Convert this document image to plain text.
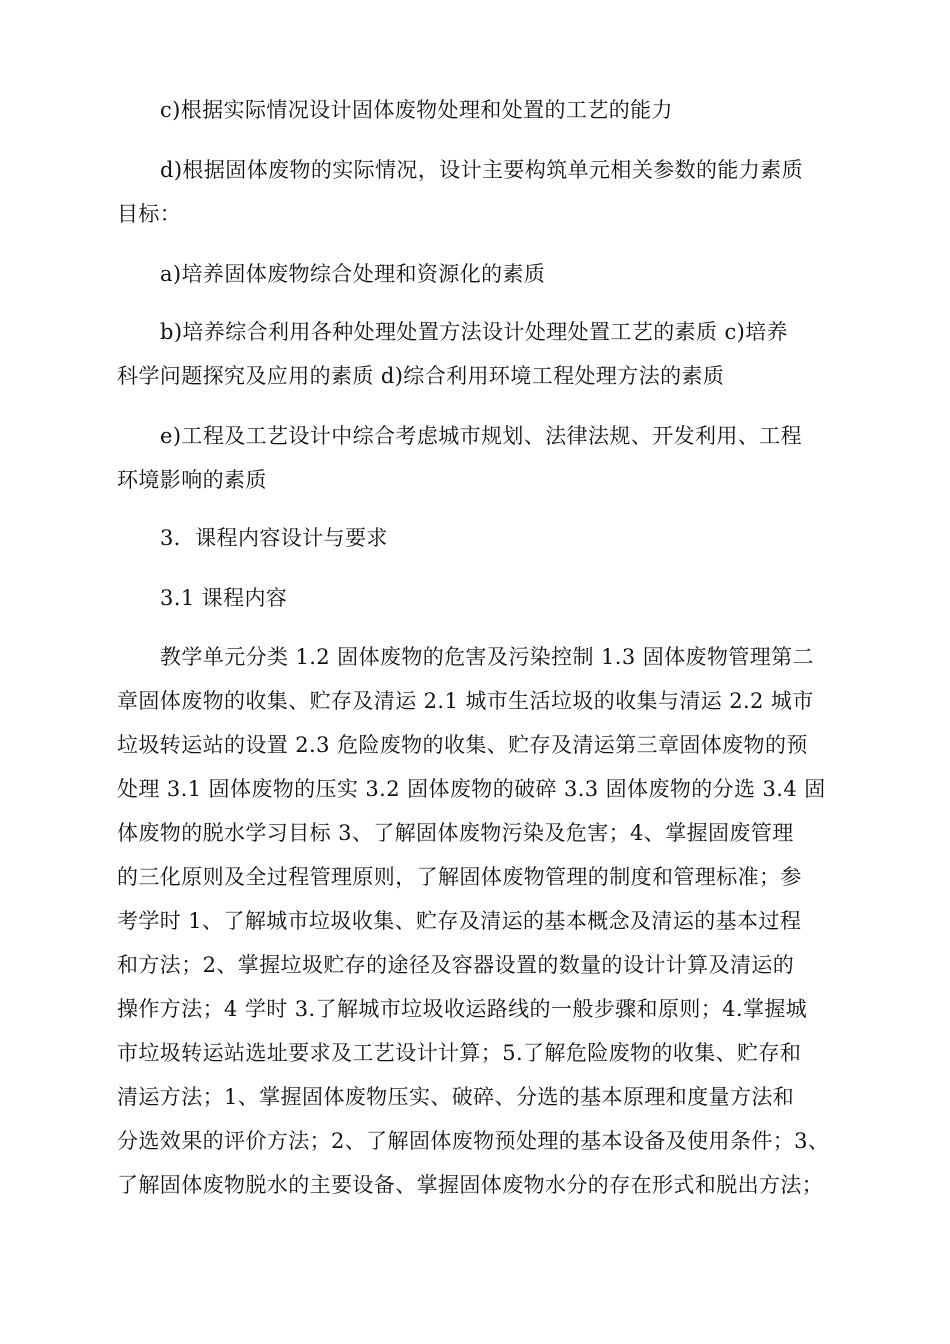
c)根据实际情况设计固体废物处理和处置的工艺的能力
d)根据固体废物的实际情况，设计主要构筑单元相关参数的能力素质
目标：
a)培养固体废物综合处理和资源化的素质
b)培养综合利用各种处理处置方法设计处理处置工艺的素质 c)培养
科学问题探究及应用的素质 d)综合利用环境工程处理方法的素质
e)工程及工艺设计中综合考虑城市规划、法律法规、开发利用、工程
环境影响的素质
3．课程内容设计与要求
3.1 课程内容
教学单元分类 1.2 固体废物的危害及污染控制 1.3 固体废物管理第二
章固体废物的收集、贮存及清运 2.1 城市生活垃圾的收集与清运 2.2 城市
垃圾转运站的设置 2.3 危险废物的收集、贮存及清运第三章固体废物的预
处理 3.1 固体废物的压实 3.2 固体废物的破碎 3.3 固体废物的分选 3.4 固
体废物的脱水学习目标 3、了解固体废物污染及危害；4、掌握固废管理
的三化原则及全过程管理原则，了解固体废物管理的制度和管理标准；参
考学时 1、了解城市垃圾收集、贮存及清运的基本概念及清运的基本过程
和方法；2、掌握垃圾贮存的途径及容器设置的数量的设计计算及清运的
操作方法；4 学时 3.了解城市垃圾收运路线的一般步骤和原则；4.掌握城
市垃圾转运站选址要求及工艺设计计算；5.了解危险废物的收集、贮存和
清运方法；1、掌握固体废物压实、破碎、分选的基本原理和度量方法和
分选效果的评价方法；2、了解固体废物预处理的基本设备及使用条件；3、
了解固体废物脱水的主要设备、掌握固体废物水分的存在形式和脱出方法；
